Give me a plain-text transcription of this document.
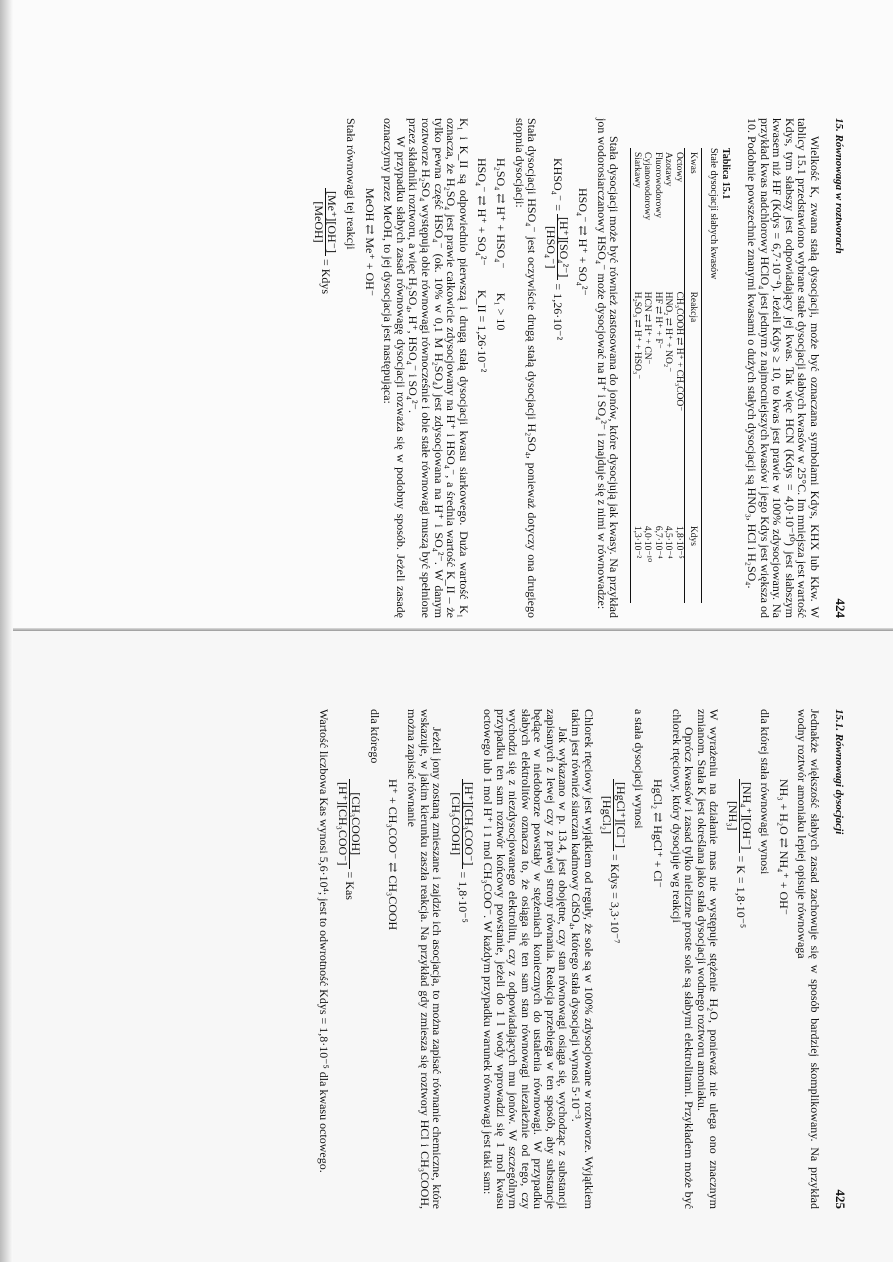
15. Równowaga w roztworach
424

Wielkość K, zwana stałą dysocjacji, może być oznaczana symbolami Kdys, KHX lub Kkw. W tablicy 15.1 przedstawiono wybrane stałe dysocjacji słabych kwasów w 25°C. Im mniejsza jest wartość Kdys, tym słabszy jest odpowiadający jej kwas. Tak więc HCN (Kdys = 4,0·10⁻¹⁰) jest słabszym kwasem niż HF (Kdys = 6,7·10⁻⁴). Jeżeli Kdys ≥ 10, to kwas jest prawie w 100% zdysocjowany. Na przykład kwas nadchlorowy HClO₄ jest jednym z najmocniejszych kwasów i jego Kdys jest większa od 10. Podobnie powszechnie znanymi kwasami o dużych stałych dysocjacji są HNO₃, HCl i H₂SO₄.

Tablica 15.1
Stałe dysocjacji słabych kwasów
Kwas	Reakcja	Kdys
Octowy	CH₃COOH ⇄ H⁺ + CH₃COO⁻	1,8·10⁻⁵
Azotawy	HNO₂ ⇄ H⁺ + NO₂⁻	4,5·10⁻⁴
Fluorowodorowy	HF ⇄ H⁺ + F⁻	6,7·10⁻⁴
Cyjanowodorowy	HCN ⇄ H⁺ + CN⁻	4,0·10⁻¹⁰
Siarkawy	H₂SO₃ ⇄ H⁺ + HSO₃⁻	1,3·10⁻²

Stała dysocjacji może być również zastosowana do jonów, które dysocjują jak kwasy. Na przykład jon wodorosiarczanowy HSO₄⁻ może dysocjować na H⁺ i SO₄²⁻ i znajduje się z nimi w równowadze:

HSO₄⁻ ⇄ H⁺ + SO₄²⁻
KHSO₄⁻ =
[H⁺][SO₄²⁻]
[HSO₄⁻]
= 1,26·10⁻²

Stała dysocjacji HSO₄⁻ jest oczywiście drugą stałą dysocjacji H₂SO₄, ponieważ dotyczy ona drugiego stopnia dysocjacji:

H₂SO₄ ⇄ H⁺ + HSO₄⁻        K₁ > 10
HSO₄⁻ ⇄ H⁺ + SO₄²⁻        K_II = 1,26·10⁻²

K₁ i K_II są odpowiednio pierwszą i drugą stałą dysocjacji kwasu siarkowego. Duża wartość K₁ oznacza, że H₂SO₄ jest prawie całkowicie zdysocjowany na H⁺ i HSO₄⁻, a średnia wartość K_II – że tylko pewna część HSO₄⁻ (ok. 10% w 0,1 M H₂SO₄) jest zdysocjowana na H⁺ i SO₄²⁻. W danym roztworze H₂SO₄ występują obie równowagi równocześnie i obie stałe równowagi muszą być spełnione przez składniki roztworu, a więc H₂SO₄, H⁺, HSO₄⁻ i SO₄²⁻.

W przypadku słabych zasad równowagę dysocjacji rozważa się w podobny sposób. Jeżeli zasadę oznaczymy przez MeOH, to jej dysocjacja jest następująca:

MeOH ⇄ Me⁺ + OH⁻

Stała równowagi tej reakcji

[Me⁺][OH⁻]
[MeOH]
= Kdys
15.1. Równowagi dysocjacji
425

Jednakże większość słabych zasad zachowuje się w sposób bardziej skomplikowany. Na przykład wodny roztwór amoniaku lepiej opisuje równowaga

NH₃ + H₂O ⇄ NH₄⁺ + OH⁻

dla której stała równowagi wynosi

[NH₄⁺][OH⁻]
[NH₃]
= K = 1,8·10⁻⁵

W wyrażeniu na działanie mas nie występuje stężenie H₂O, ponieważ nie ulega ono znacznym zmianom. Stała K jest określana jako stała dysocjacji wodnego roztworu amoniaku.

Oprócz kwasów i zasad tylko nieliczne proste sole są słabymi elektrolitami. Przykładem może być chlorek rtęciowy, który dysocjuje wg reakcji

HgCl₂ ⇄ HgCl⁺ + Cl⁻

a stała dysocjacji wynosi

[HgCl⁺][Cl⁻]
[HgCl₂]
= Kdys = 3,3·10⁻⁷

Chlorek rtęciowy jest wyjątkiem od reguły, że sole są w 100% zdysocjowane w roztworze. Wyjątkiem takim jest również siarczan kadmowy CdSO₄, którego stała dysocjacji wynosi 5·10⁻³.

Jak wykazano w p. 13.4, jest obojętne, czy stan równowagi osiąga się, wychodząc z substancji zapisanych z lewej czy z prawej strony równania. Reakcja przebiega w ten sposób, aby substancje będące w niedoborze powstały w stężeniach koniecznych do ustalenia równowagi. W przypadku słabych elektrolitów oznacza to, że osiąga się ten sam stan równowagi niezależnie od tego, czy wychodzi się z niezdysocjowanego elektrolitu, czy z odpowiadających mu jonów. W szczególnym przypadku ten sam roztwór końcowy powstanie, jeżeli do 1 l wody wprowadzi się 1 mol kwasu octowego lub 1 mol H⁺ i 1 mol CH₃COO⁻. W każdym przypadku warunek równowagi jest taki sam:

[H⁺][CH₃COO⁻]
[CH₃COOH]
= 1,8·10⁻⁵

Jeżeli jony zostaną zmieszane i zajdzie ich asocjacja, to można zapisać równanie chemiczne, które wskazuje, w jakim kierunku zaszła reakcja. Na przykład gdy zmiesza się roztwory HCl i CH₃COOH, można zapisać równanie

H⁺ + CH₃COO⁻ ⇄ CH₃COOH

dla którego

[CH₃COOH]
[H⁺][CH₃COO⁻]
= Kas

Wartość liczbowa Kas wynosi 5,6·10⁴; jest to odwrotność Kdys = 1,8·10⁻⁵ dla kwasu octowego.
